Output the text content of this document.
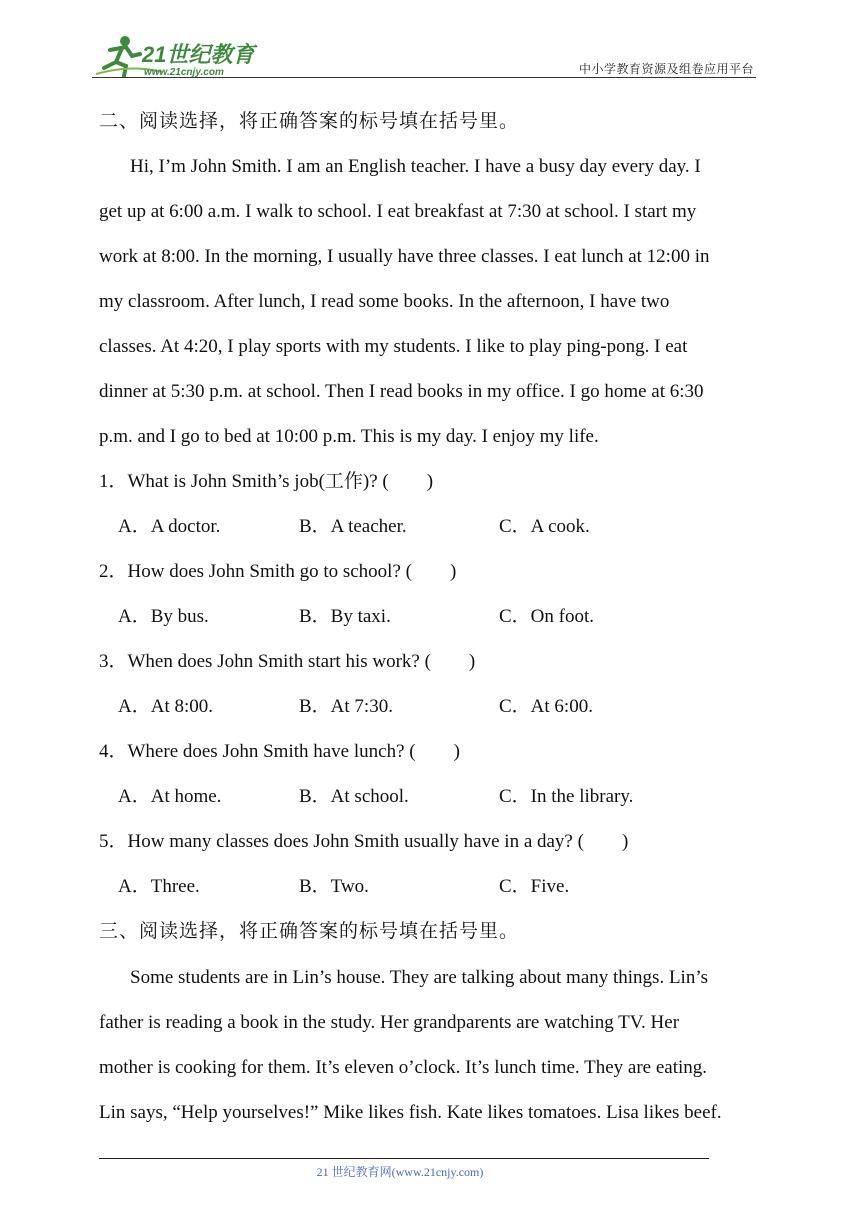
21世纪教育
www.21cnjy.com	中小学教育资源及组卷应用平台
二、阅读选择，将正确答案的标号填在括号里。
Hi, I’m John Smith. I am an English teacher. I have a busy day every day. I
get up at 6:00 a.m. I walk to school. I eat breakfast at 7:30 at school. I start my
work at 8:00. In the morning, I usually have three classes. I eat lunch at 12:00 in
my classroom. After lunch, I read some books. In the afternoon, I have two
classes. At 4:20, I play sports with my students. I like to play ping-pong. I eat
dinner at 5:30 p.m. at school. Then I read books in my office. I go home at 6:30
p.m. and I go to bed at 10:00 p.m. This is my day. I enjoy my life.
1．What is John Smith’s job(工作)? (　　)
A．A doctor.	B．A teacher.	C．A cook.
2．How does John Smith go to school? (　　)
A．By bus.	B．By taxi.	C．On foot.
3．When does John Smith start his work? (　　)
A．At 8:00.	B．At 7:30.	C．At 6:00.
4．Where does John Smith have lunch? (　　)
A．At home.	B．At school.	C．In the library.
5．How many classes does John Smith usually have in a day? (　　)
A．Three.	B．Two.	C．Five.
三、阅读选择，将正确答案的标号填在括号里。
Some students are in Lin’s house. They are talking about many things. Lin’s
father is reading a book in the study. Her grandparents are watching TV. Her
mother is cooking for them. It’s eleven o’clock. It’s lunch time. They are eating.
Lin says, “Help yourselves!” Mike likes fish. Kate likes tomatoes. Lisa likes beef.
21 世纪教育网(www.21cnjy.com)
